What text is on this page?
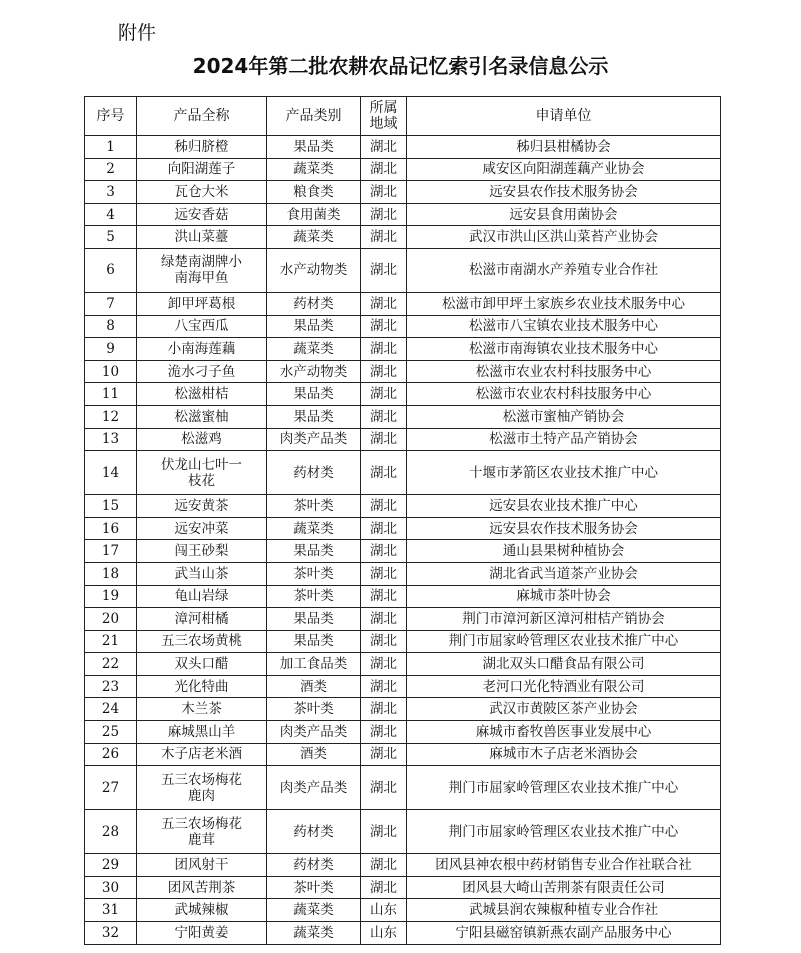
附件
2024年第二批农耕农品记忆索引名录信息公示
序号	产品全称	产品类别	所属地域	申请单位
1	秭归脐橙	果品类	湖北	秭归县柑橘协会
2	向阳湖莲子	蔬菜类	湖北	咸安区向阳湖莲藕产业协会
3	瓦仓大米	粮食类	湖北	远安县农作技术服务协会
4	远安香菇	食用菌类	湖北	远安县食用菌协会
5	洪山菜薹	蔬菜类	湖北	武汉市洪山区洪山菜苔产业协会
6	绿楚南湖牌小南海甲鱼	水产动物类	湖北	松滋市南湖水产养殖专业合作社
7	卸甲坪葛根	药材类	湖北	松滋市卸甲坪土家族乡农业技术服务中心
8	八宝西瓜	果品类	湖北	松滋市八宝镇农业技术服务中心
9	小南海莲藕	蔬菜类	湖北	松滋市南海镇农业技术服务中心
10	洈水刁子鱼	水产动物类	湖北	松滋市农业农村科技服务中心
11	松滋柑桔	果品类	湖北	松滋市农业农村科技服务中心
12	松滋蜜柚	果品类	湖北	松滋市蜜柚产销协会
13	松滋鸡	肉类产品类	湖北	松滋市土特产品产销协会
14	伏龙山七叶一枝花	药材类	湖北	十堰市茅箭区农业技术推广中心
15	远安黄茶	茶叶类	湖北	远安县农业技术推广中心
16	远安冲菜	蔬菜类	湖北	远安县农作技术服务协会
17	闯王砂梨	果品类	湖北	通山县果树种植协会
18	武当山茶	茶叶类	湖北	湖北省武当道茶产业协会
19	龟山岩绿	茶叶类	湖北	麻城市茶叶协会
20	漳河柑橘	果品类	湖北	荆门市漳河新区漳河柑桔产销协会
21	五三农场黄桃	果品类	湖北	荆门市屈家岭管理区农业技术推广中心
22	双头口醋	加工食品类	湖北	湖北双头口醋食品有限公司
23	光化特曲	酒类	湖北	老河口光化特酒业有限公司
24	木兰茶	茶叶类	湖北	武汉市黄陂区茶产业协会
25	麻城黑山羊	肉类产品类	湖北	麻城市畜牧兽医事业发展中心
26	木子店老米酒	酒类	湖北	麻城市木子店老米酒协会
27	五三农场梅花鹿肉	肉类产品类	湖北	荆门市屈家岭管理区农业技术推广中心
28	五三农场梅花鹿茸	药材类	湖北	荆门市屈家岭管理区农业技术推广中心
29	团风射干	药材类	湖北	团风县神农根中药材销售专业合作社联合社
30	团风苦荆茶	茶叶类	湖北	团风县大崎山苦荆茶有限责任公司
31	武城辣椒	蔬菜类	山东	武城县润农辣椒种植专业合作社
32	宁阳黄姜	蔬菜类	山东	宁阳县磁窑镇新燕农副产品服务中心
